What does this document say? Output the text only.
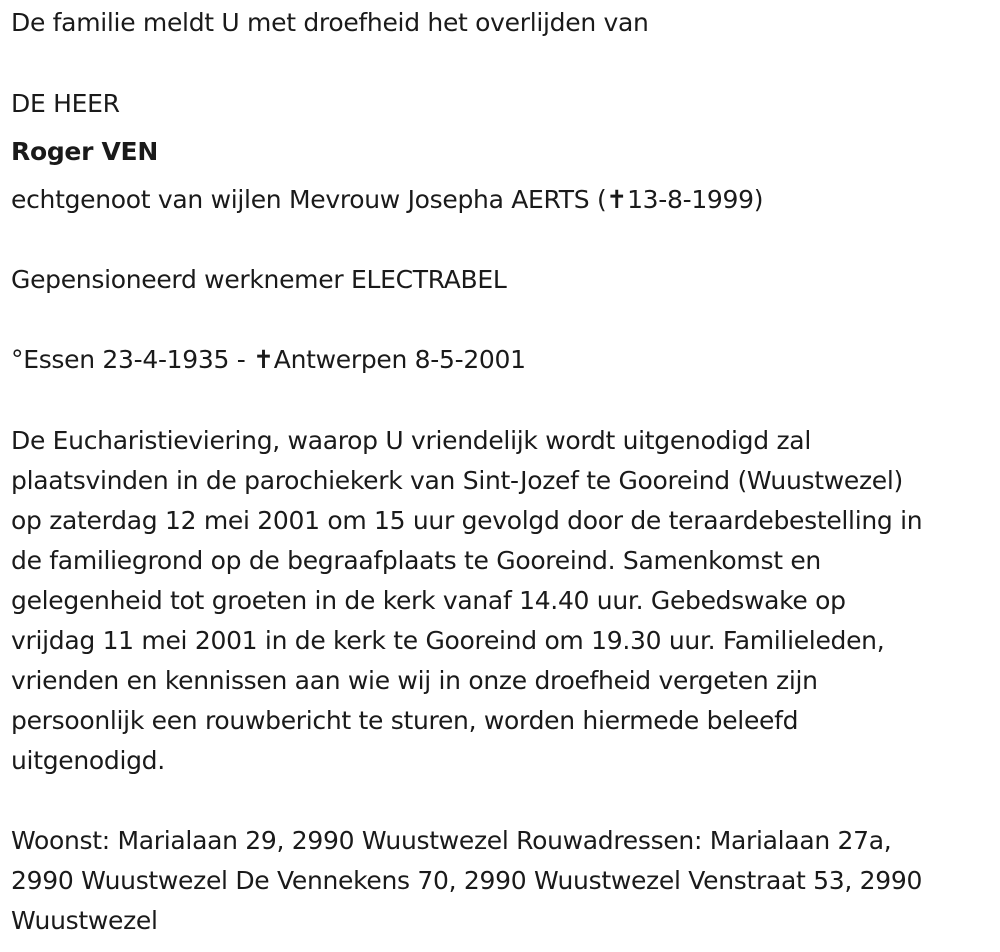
De familie meldt U met droefheid het overlijden van
DE HEER
Roger VEN
echtgenoot van wijlen Mevrouw Josepha AERTS (✝13-8-1999)
Gepensioneerd werknemer ELECTRABEL
°Essen 23-4-1935 - ✝Antwerpen 8-5-2001
De Eucharistieviering, waarop U vriendelijk wordt uitgenodigd zal
plaatsvinden in de parochiekerk van Sint-Jozef te Gooreind (Wuustwezel)
op zaterdag 12 mei 2001 om 15 uur gevolgd door de teraardebestelling in
de familiegrond op de begraafplaats te Gooreind. Samenkomst en
gelegenheid tot groeten in de kerk vanaf 14.40 uur. Gebedswake op
vrijdag 11 mei 2001 in de kerk te Gooreind om 19.30 uur. Familieleden,
vrienden en kennissen aan wie wij in onze droefheid vergeten zijn
persoonlijk een rouwbericht te sturen, worden hiermede beleefd
uitgenodigd.
Woonst: Marialaan 29, 2990 Wuustwezel Rouwadressen: Marialaan 27a,
2990 Wuustwezel De Vennekens 70, 2990 Wuustwezel Venstraat 53, 2990
Wuustwezel
